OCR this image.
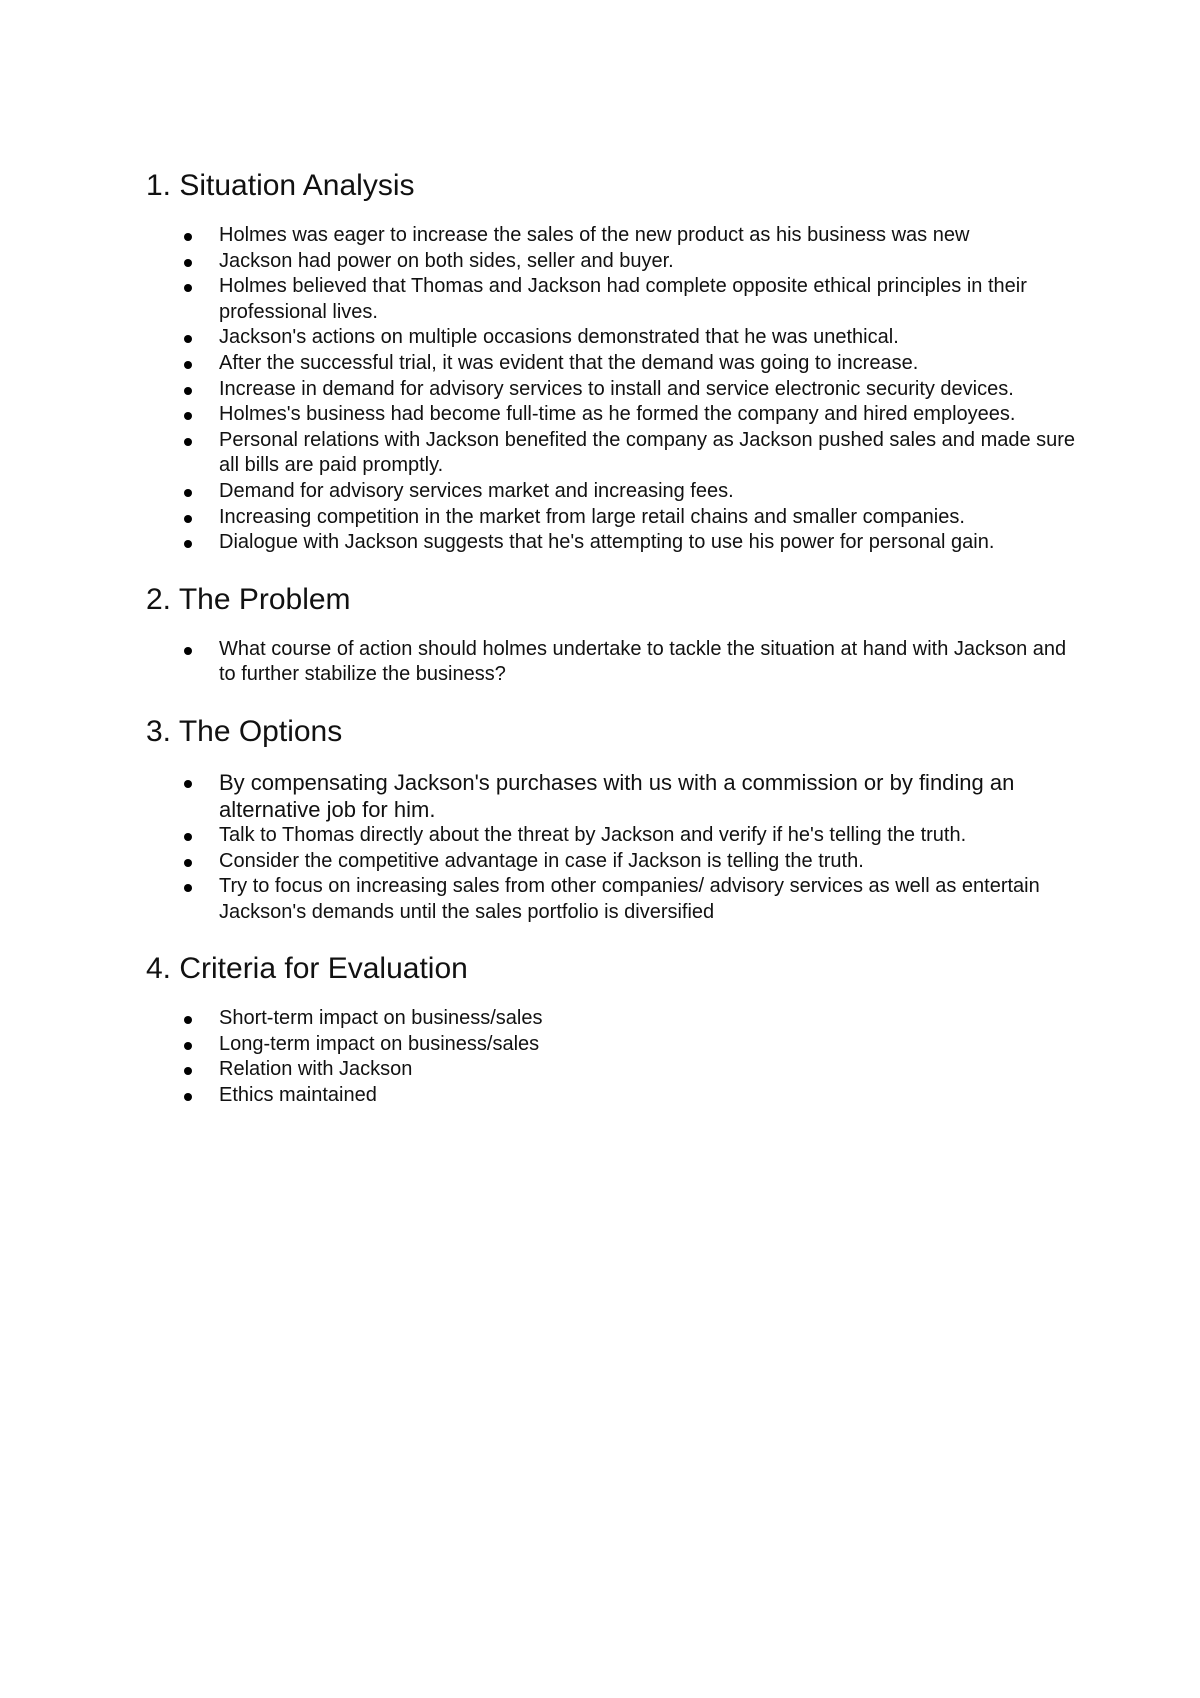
1. Situation Analysis
Holmes was eager to increase the sales of the new product as his business was new
Jackson had power on both sides, seller and buyer.
Holmes believed that Thomas and Jackson had complete opposite ethical principles in their professional lives.
Jackson's actions on multiple occasions demonstrated that he was unethical.
After the successful trial, it was evident that the demand was going to increase.
Increase in demand for advisory services to install and service electronic security devices.
Holmes's business had become full-time as he formed the company and hired employees.
Personal relations with Jackson benefited the company as Jackson pushed sales and made sure all bills are paid promptly.
Demand for advisory services market and increasing fees.
Increasing competition in the market from large retail chains and smaller companies.
Dialogue with Jackson suggests that he's attempting to use his power for personal gain.
2. The Problem
What course of action should holmes undertake to tackle the situation at hand with Jackson and to further stabilize the business?
3. The Options
By compensating Jackson's purchases with us with a commission or by finding an alternative job for him.
Talk to Thomas directly about the threat by Jackson and verify if he's telling the truth.
Consider the competitive advantage in case if Jackson is telling the truth.
Try to focus on increasing sales from other companies/ advisory services as well as entertain Jackson's demands until the sales portfolio is diversified
4. Criteria for Evaluation
Short-term impact on business/sales
Long-term impact on business/sales
Relation with Jackson
Ethics maintained
